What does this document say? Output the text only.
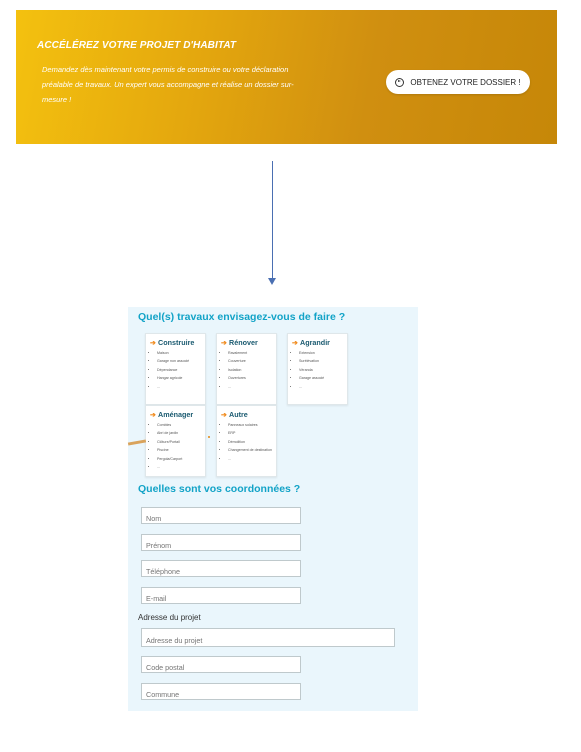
ACCÉLÉREZ VOTRE PROJET D'HABITAT
Demandez dès maintenant votre permis de construire ou votre déclaration préalable de travaux. Un expert vous accompagne et réalise un dossier sur-mesure !
OBTENEZ VOTRE DOSSIER !
Quel(s) travaux envisagez-vous de faire ?
➔ Construire
• Maison
• Garage non associé
• Dépendance
• Hangar agricole
• ...
➔ Rénover
• Ravalement
• Couverture
• Isolation
• Ouvertures
• ...
➔ Agrandir
• Extension
• Surélévation
• Véranda
• Garage associé
• ...
➔ Aménager
• Combles
• Abri de jardin
• Clôture/Portail
• Piscine
• Pergola/Carport
• ...
➔ Autre
• Panneaux solaires
• ERP
• Démolition
• Changement de destination
• ...
Quelles sont vos coordonnées ?
Nom
Prénom
Téléphone
E-mail
Adresse du projet
Adresse du projet
Code postal
Commune
